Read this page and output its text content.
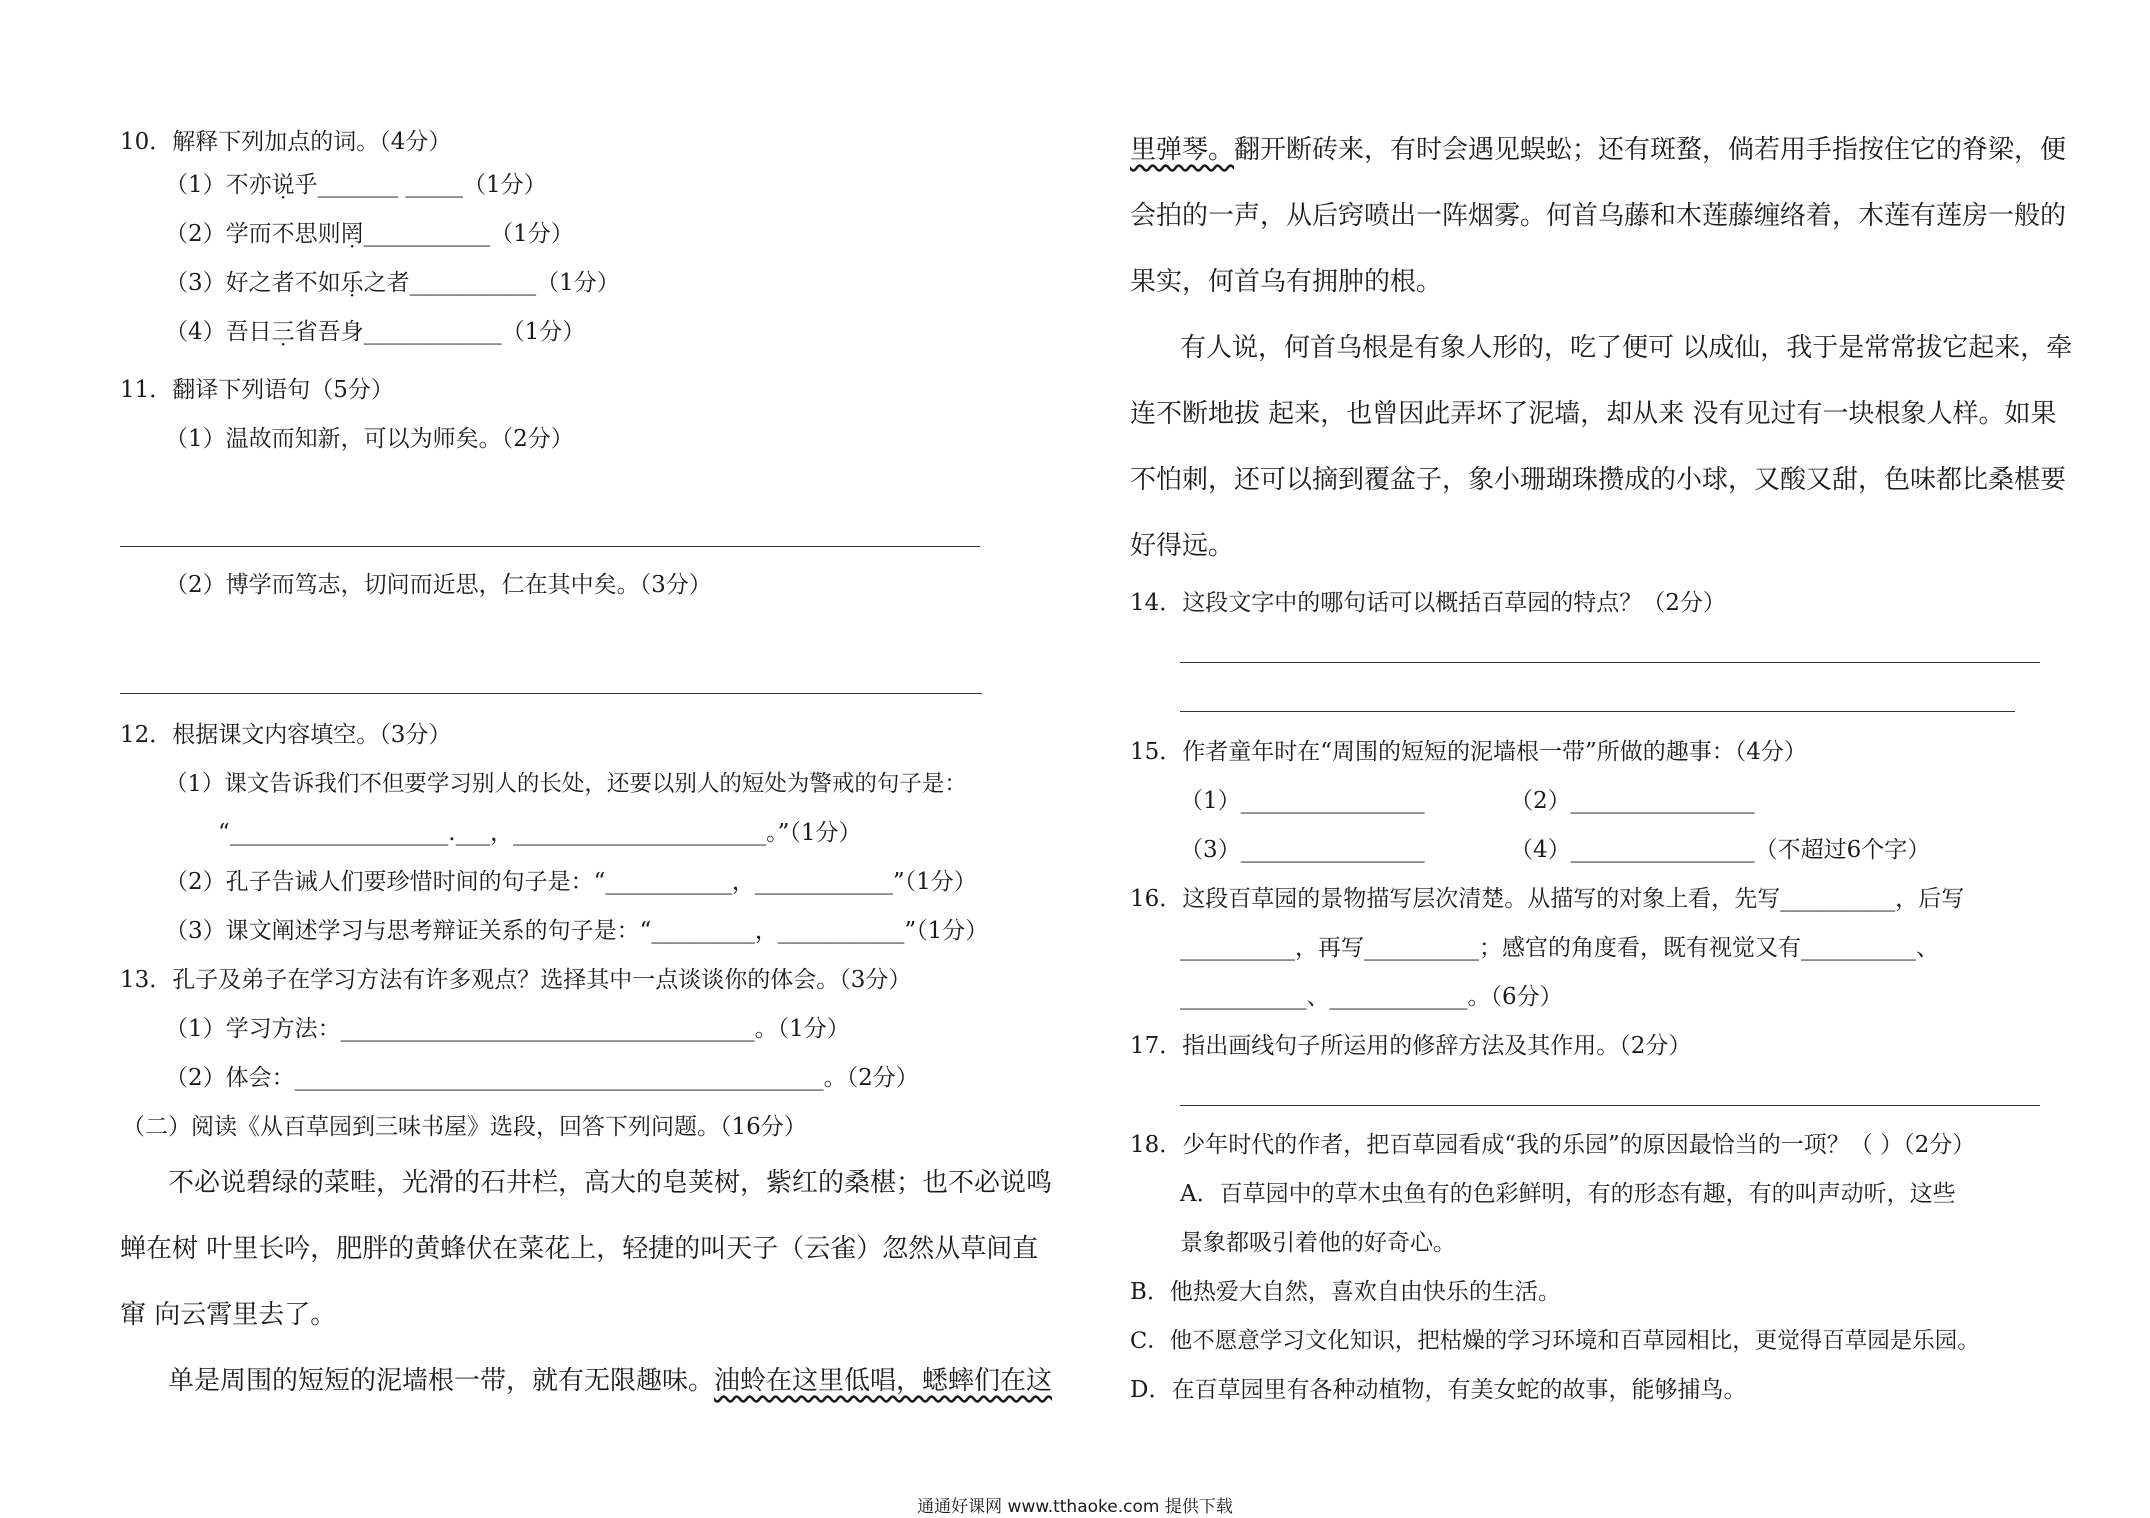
10．解释下列加点的词。（4分）
（1）不亦说乎_______ _____（1分）
（2）学而不思则罔___________（1分）
（3）好之者不如乐之者___________（1分）
（4）吾日三省吾身____________（1分）
11．翻译下列语句（5分）
（1）温故而知新，可以为师矣。（2分）
（2）博学而笃志，切问而近思，仁在其中矣。（3分）
12．根据课文内容填空。（3分）
（1）课文告诉我们不但要学习别人的长处，还要以别人的短处为警戒的句子是：
“___________________.___，______________________。”（1分）
（2）孔子告诫人们要珍惜时间的句子是：“___________，____________”（1分）
（3）课文阐述学习与思考辩证关系的句子是：“_________，___________”（1分）
13．孔子及弟子在学习方法有许多观点？选择其中一点谈谈你的体会。（3分）
（1）学习方法：____________________________________。（1分）
（2）体会：______________________________________________。（2分）
（二）阅读《从百草园到三味书屋》选段，回答下列问题。（16分）
不必说碧绿的菜畦，光滑的石井栏，高大的皂荚树，紫红的桑椹；也不必说鸣
蝉在树 叶里长吟，肥胖的黄蜂伏在菜花上，轻捷的叫天子（云雀）忽然从草间直
窜 向云霄里去了。
单是周围的短短的泥墙根一带，就有无限趣味。油蛉在这里低唱，蟋蟀们在这
里弹琴。翻开断砖来，有时会遇见蜈蚣；还有斑蝥，倘若用手指按住它的脊梁，便
会拍的一声，从后窍喷出一阵烟雾。何首乌藤和木莲藤缠络着，木莲有莲房一般的
果实，何首乌有拥肿的根。
有人说，何首乌根是有象人形的，吃了便可 以成仙，我于是常常拔它起来，牵
连不断地拔 起来，也曾因此弄坏了泥墙，却从来 没有见过有一块根象人样。如果
不怕刺，还可以摘到覆盆子，象小珊瑚珠攒成的小球，又酸又甜，色味都比桑椹要
好得远。
14．这段文字中的哪句话可以概括百草园的特点？（2分）
15．作者童年时在“周围的短短的泥墙根一带”所做的趣事：（4分）
（1）________________	（2）________________
（3）________________	（4）________________（不超过6个字）
16．这段百草园的景物描写层次清楚。从描写的对象上看，先写__________，后写
__________，再写__________；感官的角度看，既有视觉又有__________、
___________、____________。（6分）
17．指出画线句子所运用的修辞方法及其作用。（2分）
18．少年时代的作者，把百草园看成“我的乐园”的原因最恰当的一项？（ ）（2分）
A．百草园中的草木虫鱼有的色彩鲜明，有的形态有趣，有的叫声动听，这些
景象都吸引着他的好奇心。
B．他热爱大自然，喜欢自由快乐的生活。
C．他不愿意学习文化知识，把枯燥的学习环境和百草园相比，更觉得百草园是乐园。
D．在百草园里有各种动植物，有美女蛇的故事，能够捕鸟。
通通好课网 www.tthaoke.com 提供下载
